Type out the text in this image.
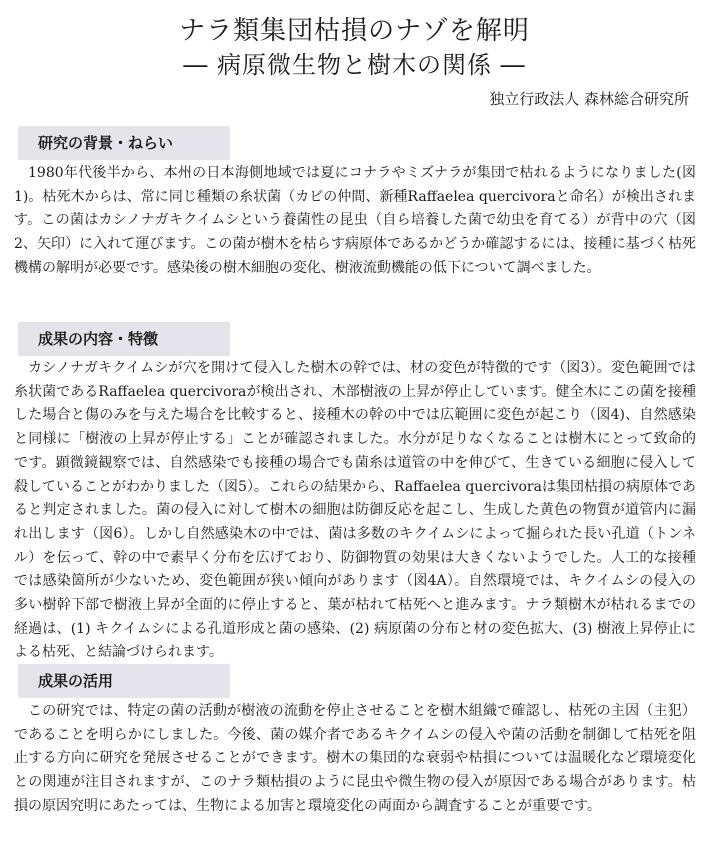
ナラ類集団枯損のナゾを解明

― 病原微生物と樹木の関係 ―

独立行政法人 森林総合研究所
研究の背景・ねらい

1980年代後半から、本州の日本海側地域では夏にコナラやミズナラが集団で枯れるようになりました(図1)。枯死木からは、常に同じ種類の糸状菌（カビの仲間、新種Raffaelea quercivoraと命名）が検出されます。この菌はカシノナガキクイムシという養菌性の昆虫（自ら培養した菌で幼虫を育てる）が背中の穴（図2、矢印）に入れて運びます。この菌が樹木を枯らす病原体であるかどうか確認するには、接種に基づく枯死機構の解明が必要です。感染後の樹木細胞の変化、樹液流動機能の低下について調べました。

成果の内容・特徴

カシノナガキクイムシが穴を開けて侵入した樹木の幹では、材の変色が特徴的です（図3）。変色範囲では糸状菌であるRaffaelea quercivoraが検出され、木部樹液の上昇が停止しています。健全木にこの菌を接種した場合と傷のみを与えた場合を比較すると、接種木の幹の中では広範囲に変色が起こり（図4)、自然感染と同様に「樹液の上昇が停止する」ことが確認されました。水分が足りなくなることは樹木にとって致命的です。顕微鏡観察では、自然感染でも接種の場合でも菌糸は道管の中を伸びて、生きている細胞に侵入して殺していることがわかりました（図5）。これらの結果から、Raffaelea quercivoraは集団枯損の病原体であると判定されました。菌の侵入に対して樹木の細胞は防御反応を起こし、生成した黄色の物質が道管内に漏れ出します（図6）。しかし自然感染木の中では、菌は多数のキクイムシによって掘られた長い孔道（トンネル）を伝って、幹の中で素早く分布を広げており、防御物質の効果は大きくないようでした。人工的な接種では感染箇所が少ないため、変色範囲が狭い傾向があります（図4A）。自然環境では、キクイムシの侵入の多い樹幹下部で樹液上昇が全面的に停止すると、葉が枯れて枯死へと進みます。ナラ類樹木が枯れるまでの経過は、(1) キクイムシによる孔道形成と菌の感染、(2) 病原菌の分布と材の変色拡大、(3) 樹液上昇停止による枯死、と結論づけられます。

成果の活用

この研究では、特定の菌の活動が樹液の流動を停止させることを樹木組織で確認し、枯死の主因（主犯）であることを明らかにしました。今後、菌の媒介者であるキクイムシの侵入や菌の活動を制御して枯死を阻止する方向に研究を発展させることができます。樹木の集団的な衰弱や枯損については温暖化など環境変化との関連が注目されますが、このナラ類枯損のように昆虫や微生物の侵入が原因である場合があります。枯損の原因究明にあたっては、生物による加害と環境変化の両面から調査することが重要です。
